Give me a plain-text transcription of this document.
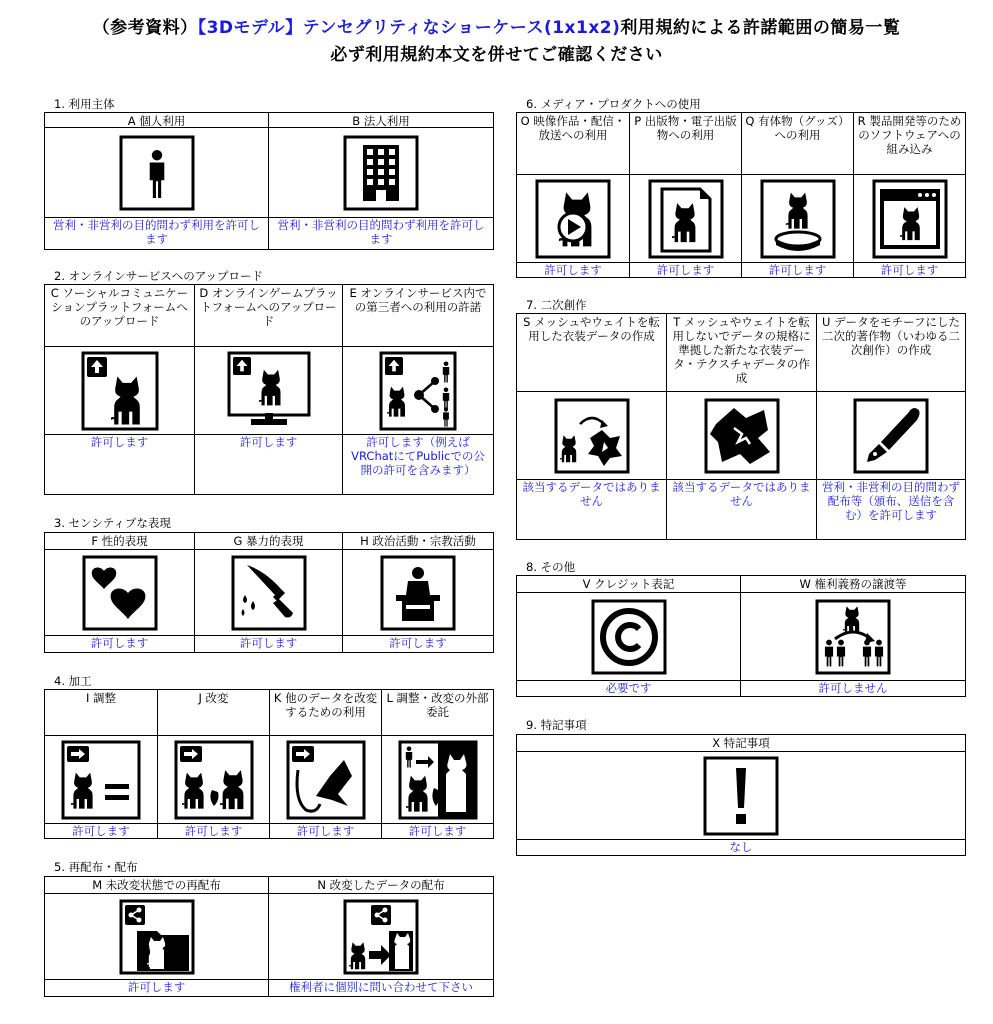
（参考資料）【3Dモデル】テンセグリティなショーケース(1x1x2)利用規約による許諾範囲の簡易一覧
必ず利用規約本文を併せてご確認ください
1. 利用主体
A 個人利用
営利・非営利の目的問わず利用を許可します
B 法人利用
営利・非営利の目的問わず利用を許可します
2. オンラインサービスへのアップロード
C ソーシャルコミュニケーションプラットフォームへのアップロード
許可します
D オンラインゲームプラットフォームへのアップロード
許可します
E オンラインサービス内での第三者への利用の許諾
許可します（例えばVRChatにてPublicでの公開の許可を含みます）
3. センシティブな表現
F 性的表現
許可します
G 暴力的表現
許可します
H 政治活動・宗教活動
許可します
4. 加工
I 調整
許可します
J 改変
許可します
K 他のデータを改変するための利用
許可します
L 調整・改変の外部委託
許可します
5. 再配布・配布
M 未改変状態での再配布
許可します
N 改変したデータの配布
権利者に個別に問い合わせて下さい
6. メディア・プロダクトへの使用
O 映像作品・配信・放送への利用
許可します
P 出版物・電子出版物への利用
許可します
Q 有体物（グッズ）への利用
許可します
R 製品開発等のためのソフトウェアへの組み込み
許可します
7. 二次創作
S メッシュやウェイトを転用した衣装データの作成
該当するデータではありません
T メッシュやウェイトを転用しないでデータの規格に準拠した新たな衣装データ・テクスチャデータの作成
該当するデータではありません
U データをモチーフにした二次的著作物（いわゆる二次創作）の作成
営利・非営利の目的問わず配布等（頒布、送信を含む）を許可します
8. その他
V クレジット表記
必要です
W 権利義務の譲渡等
許可しません
9. 特記事項
X 特記事項
なし
